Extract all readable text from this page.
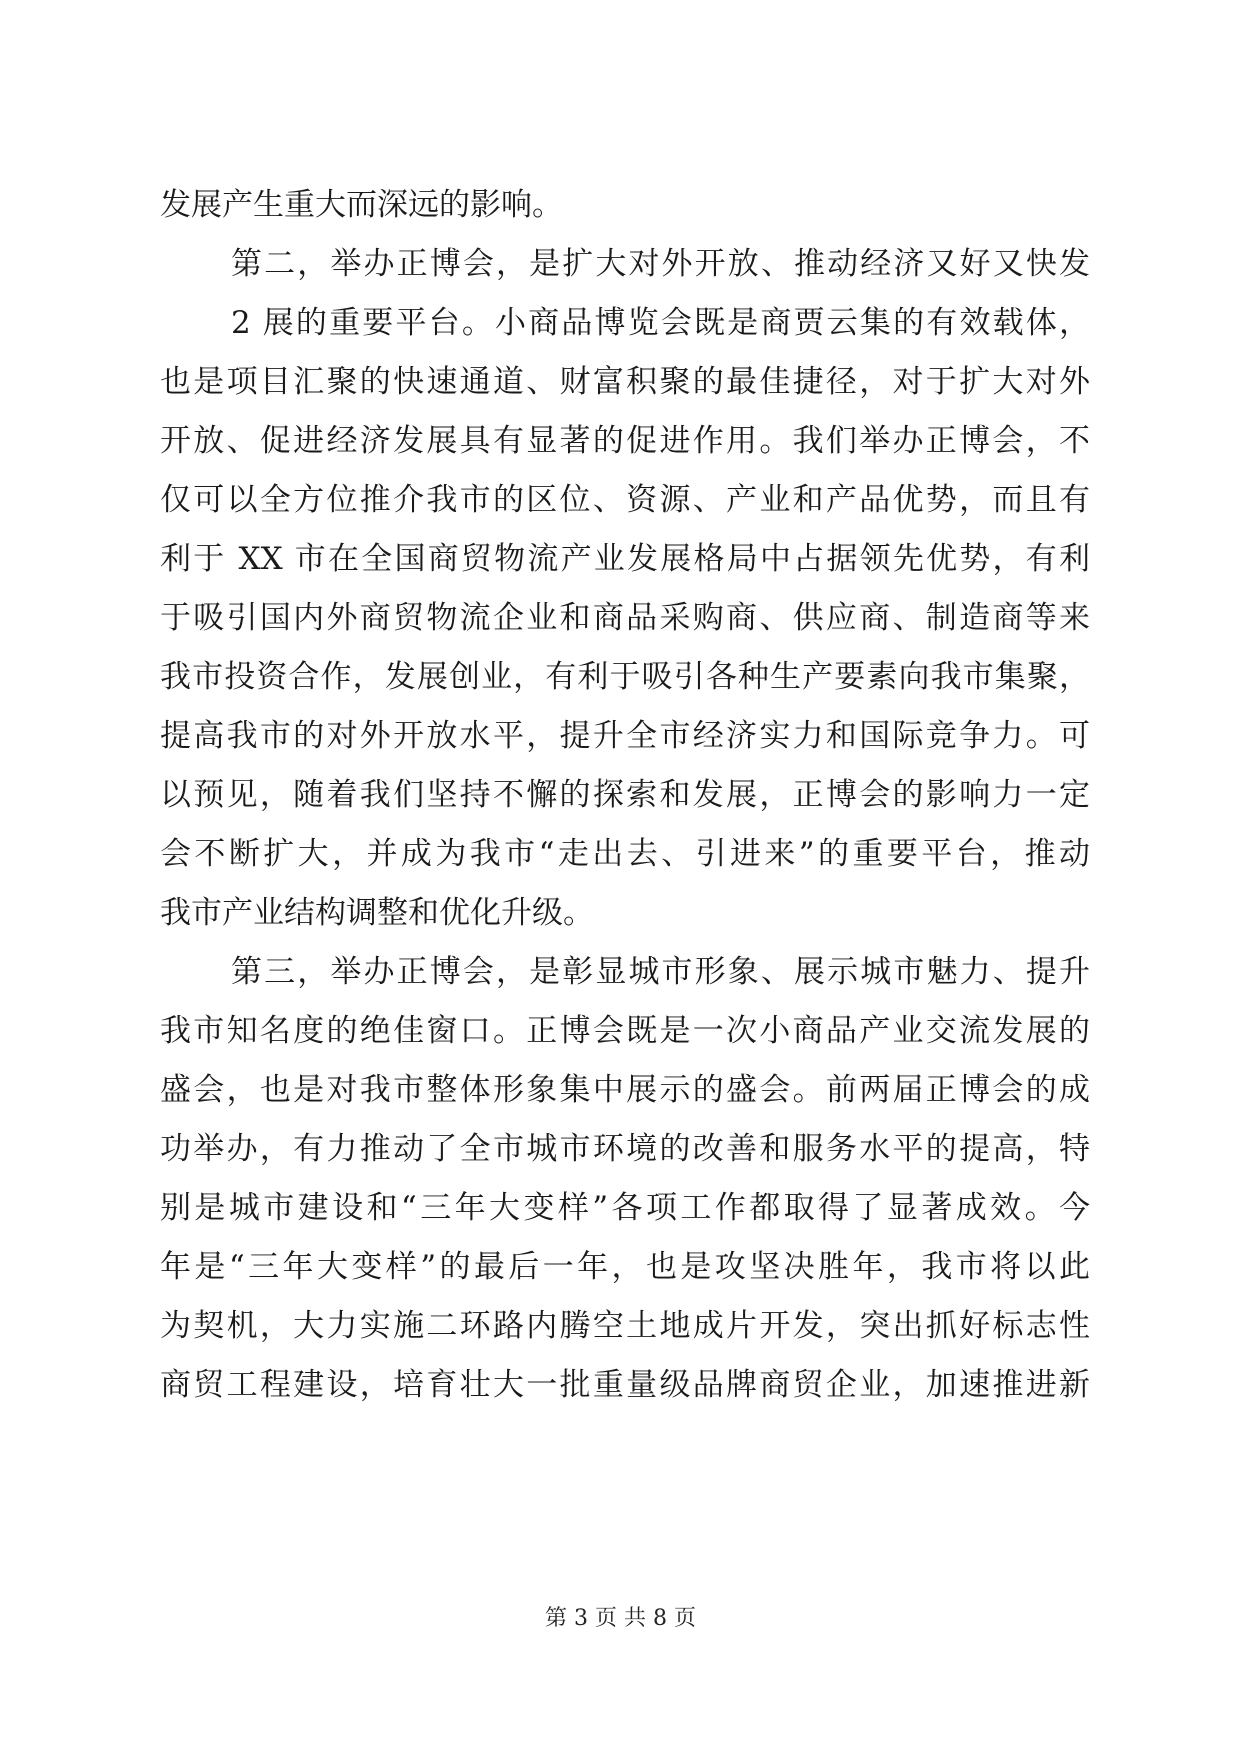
发展产生重大而深远的影响。
第二，举办正博会，是扩大对外开放、推动经济又好又快发
2 展的重要平台。小商品博览会既是商贾云集的有效载体，
也是项目汇聚的快速通道、财富积聚的最佳捷径，对于扩大对外
开放、促进经济发展具有显著的促进作用。我们举办正博会，不
仅可以全方位推介我市的区位、资源、产业和产品优势，而且有
利于 XX 市在全国商贸物流产业发展格局中占据领先优势，有利
于吸引国内外商贸物流企业和商品采购商、供应商、制造商等来
我市投资合作，发展创业，有利于吸引各种生产要素向我市集聚，
提高我市的对外开放水平，提升全市经济实力和国际竞争力。可
以预见，随着我们坚持不懈的探索和发展，正博会的影响力一定
会不断扩大，并成为我市“走出去、引进来”的重要平台，推动
我市产业结构调整和优化升级。
第三，举办正博会，是彰显城市形象、展示城市魅力、提升
我市知名度的绝佳窗口。正博会既是一次小商品产业交流发展的
盛会，也是对我市整体形象集中展示的盛会。前两届正博会的成
功举办，有力推动了全市城市环境的改善和服务水平的提高，特
别是城市建设和“三年大变样”各项工作都取得了显著成效。今
年是“三年大变样”的最后一年，也是攻坚决胜年，我市将以此
为契机，大力实施二环路内腾空土地成片开发，突出抓好标志性
商贸工程建设，培育壮大一批重量级品牌商贸企业，加速推进新
第 3 页 共 8 页
